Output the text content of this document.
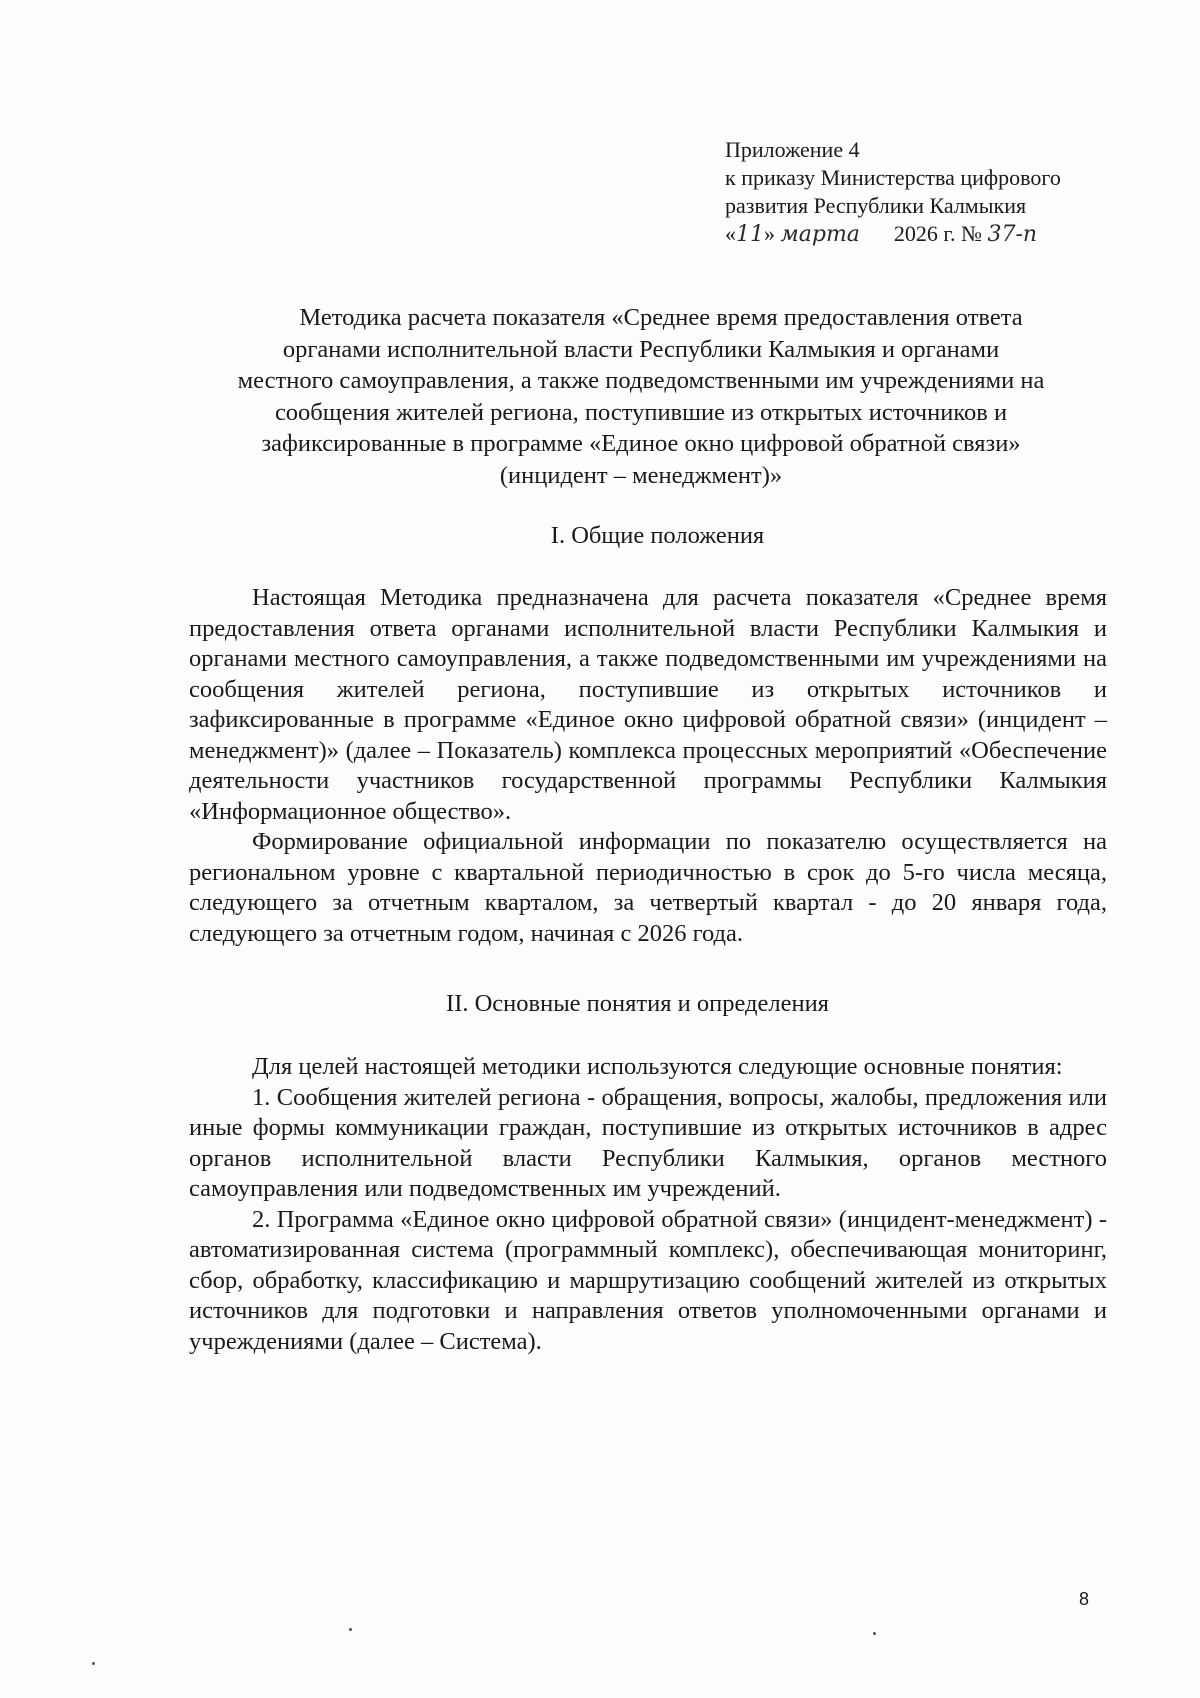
Приложение 4
к приказу Министерства цифрового
развития Республики Калмыкия
«11» марта 2026 г. № 37-п
Методика расчета показателя «Среднее время предоставления ответа
органами исполнительной власти Республики Калмыкия и органами
местного самоуправления, а также подведомственными им учреждениями на
сообщения жителей региона, поступившие из открытых источников и
зафиксированные в программе «Единое окно цифровой обратной связи»
(инцидент – менеджмент)»
I. Общие положения

Настоящая Методика предназначена для расчета показателя «Среднее время предоставления ответа органами исполнительной власти Республики Калмыкия и органами местного самоуправления, а также подведомственными им учреждениями на сообщения жителей региона, поступившие из открытых источников и зафиксированные в программе «Единое окно цифровой обратной связи» (инцидент – менеджмент)» (далее – Показатель) комплекса процессных мероприятий «Обеспечение деятельности участников государственной программы Республики Калмыкия «Информационное общество».

Формирование официальной информации по показателю осуществляется на региональном уровне с квартальной периодичностью в срок до 5-го числа месяца, следующего за отчетным кварталом, за четвертый квартал - до 20 января года, следующего за отчетным годом, начиная с 2026 года.

II. Основные понятия и определения

Для целей настоящей методики используются следующие основные понятия:

1. Сообщения жителей региона - обращения, вопросы, жалобы, предложения или иные формы коммуникации граждан, поступившие из открытых источников в адрес органов исполнительной власти Республики Калмыкия, органов местного самоуправления или подведомственных им учреждений.

2. Программа «Единое окно цифровой обратной связи» (инцидент-менеджмент) - автоматизированная система (программный комплекс), обеспечивающая мониторинг, сбор, обработку, классификацию и маршрутизацию сообщений жителей из открытых источников для подготовки и направления ответов уполномоченными органами и учреждениями (далее – Система).

8
